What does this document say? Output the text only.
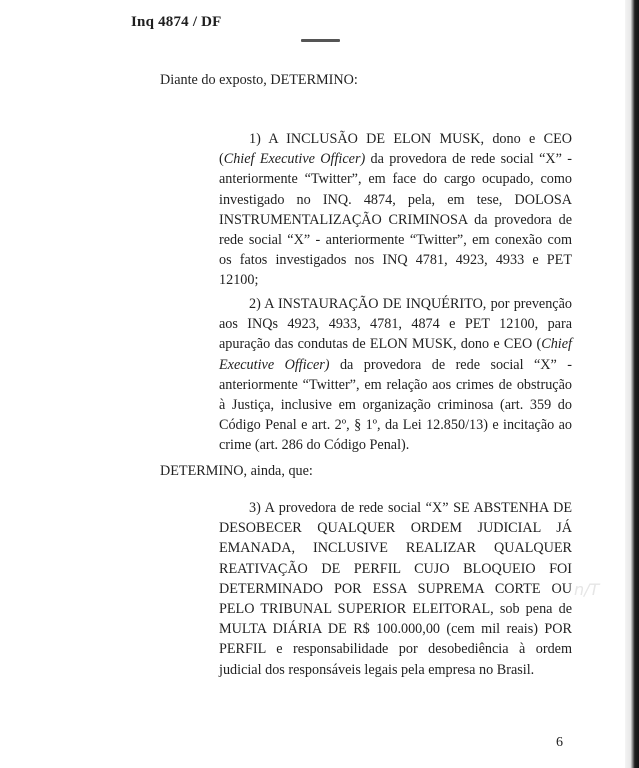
Inq 4874 / DF

Diante do exposto, DETERMINO:

1) A INCLUSÃO DE ELON MUSK, dono e CEO (Chief Executive Officer) da provedora de rede social “X” - anteriormente “Twitter”, em face do cargo ocupado, como investigado no INQ. 4874, pela, em tese, DOLOSA INSTRUMENTALIZAÇÃO CRIMINOSA da provedora de rede social “X” - anteriormente “Twitter”, em conexão com os fatos investigados nos INQ 4781, 4923, 4933 e PET 12100;

2) A INSTAURAÇÃO DE INQUÉRITO, por prevenção aos INQs 4923, 4933, 4781, 4874 e PET 12100, para apuração das condutas de ELON MUSK, dono e CEO (Chief Executive Officer) da provedora de rede social “X” - anteriormente “Twitter”, em relação aos crimes de obstrução à Justiça, inclusive em organização criminosa (art. 359 do Código Penal e art. 2º, § 1º, da Lei 12.850/13) e incitação ao crime (art. 286 do Código Penal).

DETERMINO, ainda, que:

3) A provedora de rede social “X” SE ABSTENHA DE DESOBECER QUALQUER ORDEM JUDICIAL JÁ EMANADA, INCLUSIVE REALIZAR QUALQUER REATIVAÇÃO DE PERFIL CUJO BLOQUEIO FOI DETERMINADO POR ESSA SUPREMA CORTE OU PELO TRIBUNAL SUPERIOR ELEITORAL, sob pena de MULTA DIÁRIA DE R$ 100.000,00 (cem mil reais) POR PERFIL e responsabilidade por desobediência à ordem judicial dos responsáveis legais pela empresa no Brasil.

n/T
6
